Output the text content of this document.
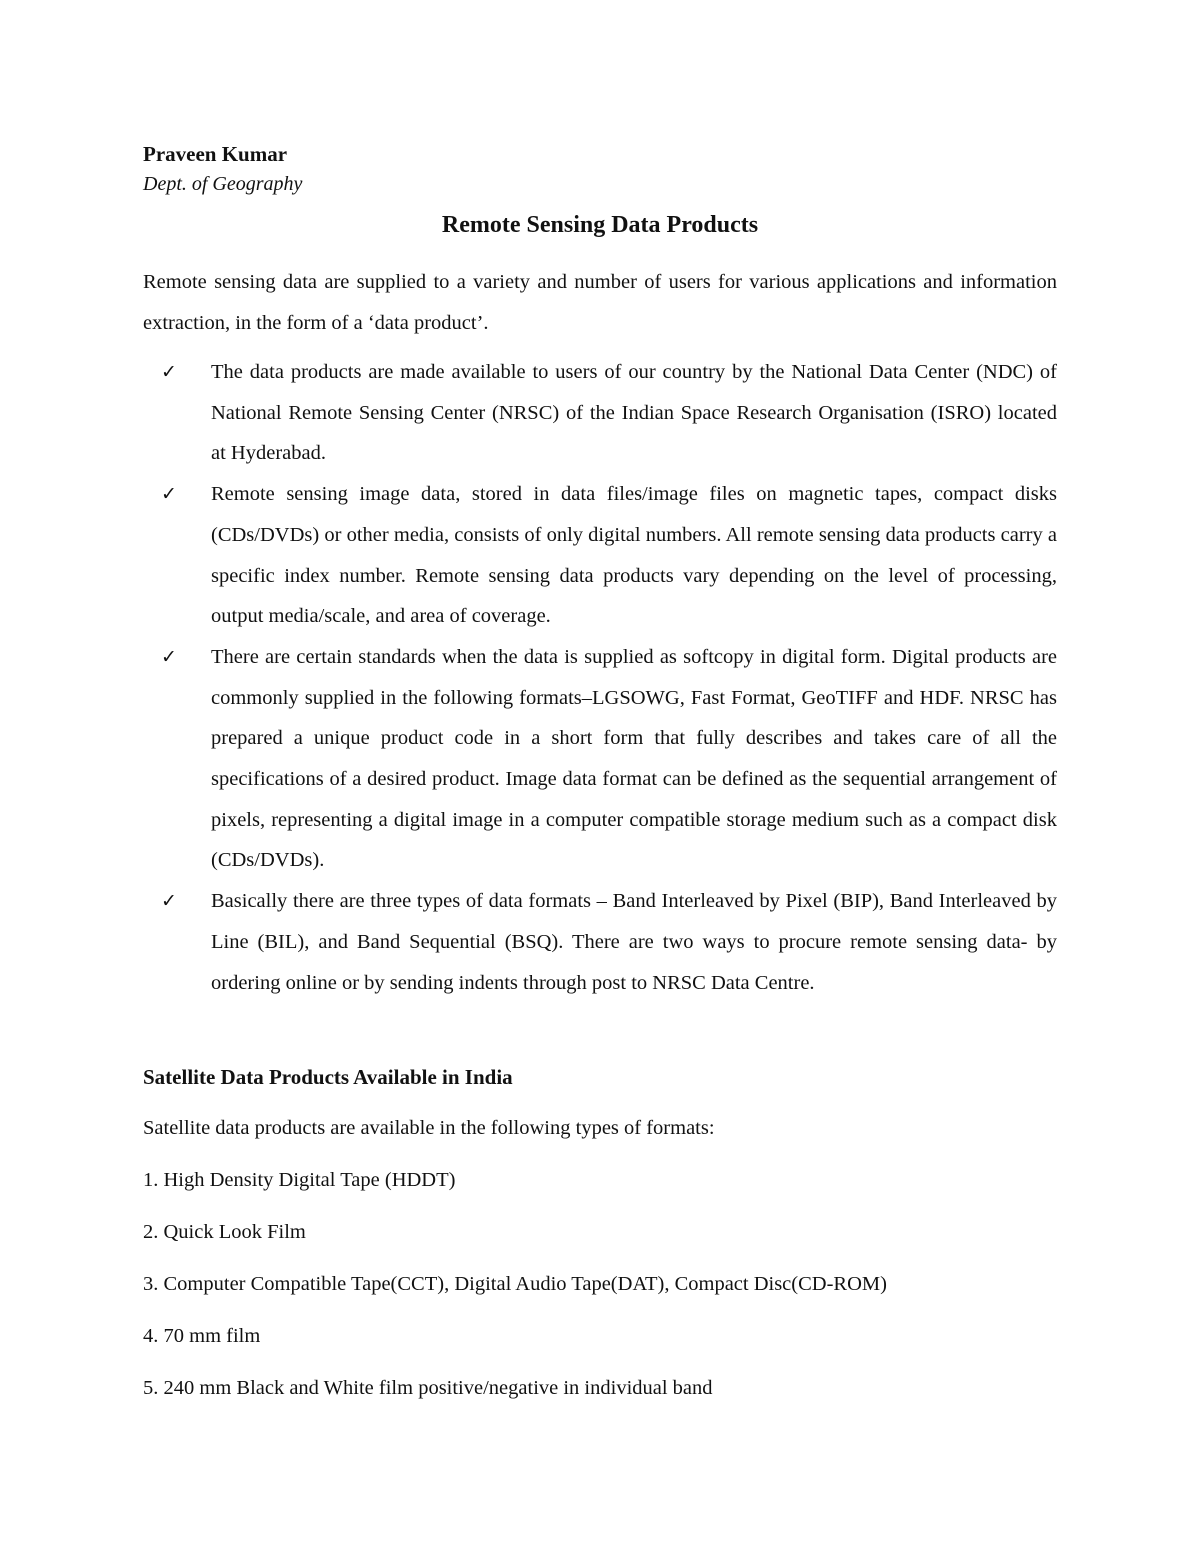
Praveen Kumar
Dept. of Geography
Remote Sensing Data Products

Remote sensing data are supplied to a variety and number of users for various applications and information extraction, in the form of a ‘data product’.

✓ The data products are made available to users of our country by the National Data Center (NDC) of National Remote Sensing Center (NRSC) of the Indian Space Research Organisation (ISRO) located at Hyderabad.
✓ Remote sensing image data, stored in data files/image files on magnetic tapes, compact disks (CDs/DVDs) or other media, consists of only digital numbers. All remote sensing data products carry a specific index number. Remote sensing data products vary depending on the level of processing, output media/scale, and area of coverage.
✓ There are certain standards when the data is supplied as softcopy in digital form. Digital products are commonly supplied in the following formats–LGSOWG, Fast Format, GeoTIFF and HDF. NRSC has prepared a unique product code in a short form that fully describes and takes care of all the specifications of a desired product. Image data format can be defined as the sequential arrangement of pixels, representing a digital image in a computer compatible storage medium such as a compact disk (CDs/DVDs).
✓ Basically there are three types of data formats – Band Interleaved by Pixel (BIP), Band Interleaved by Line (BIL), and Band Sequential (BSQ). There are two ways to procure remote sensing data- by ordering online or by sending indents through post to NRSC Data Centre.
Satellite Data Products Available in India
Satellite data products are available in the following types of formats:
1. High Density Digital Tape (HDDT)
2. Quick Look Film
3. Computer Compatible Tape(CCT), Digital Audio Tape(DAT), Compact Disc(CD-ROM)
4. 70 mm film
5. 240 mm Black and White film positive/negative in individual band
